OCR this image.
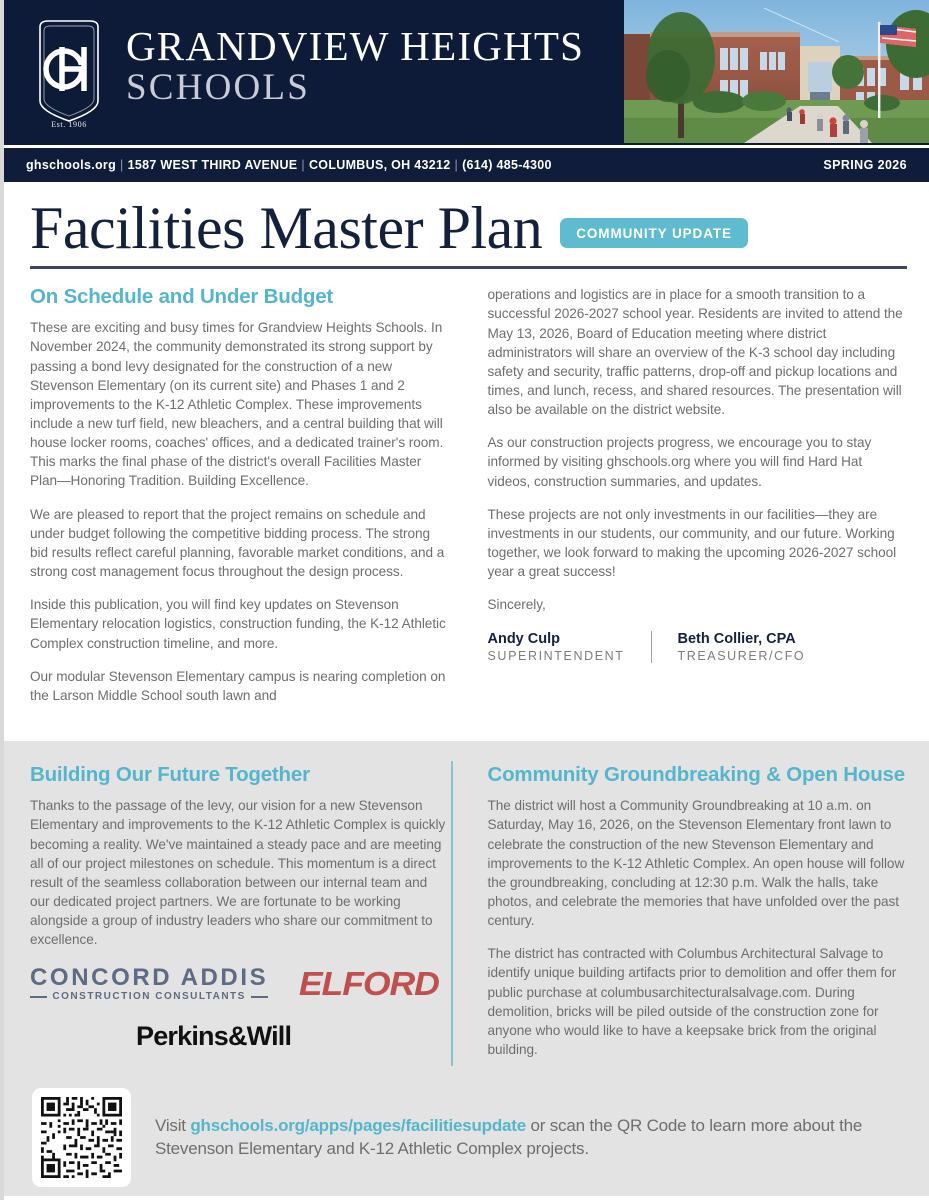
Est. 1906
GRANDVIEW HEIGHTS
SCHOOLS
ghschools.org | 1587 WEST THIRD AVENUE | COLUMBUS, OH 43212 | (614) 485-4300	SPRING 2026
Facilities Master Plan	COMMUNITY UPDATE
On Schedule and Under Budget

These are exciting and busy times for Grandview Heights Schools. In November 2024, the community demonstrated its strong support by passing a bond levy designated for the construction of a new Stevenson Elementary (on its current site) and Phases 1 and 2 improvements to the K-12 Athletic Complex. These improvements include a new turf field, new bleachers, and a central building that will house locker rooms, coaches' offices, and a dedicated trainer's room. This marks the final phase of the district's overall Facilities Master Plan—Honoring Tradition. Building Excellence.

We are pleased to report that the project remains on schedule and under budget following the competitive bidding process. The strong bid results reflect careful planning, favorable market conditions, and a strong cost management focus throughout the design process.

Inside this publication, you will find key updates on Stevenson Elementary relocation logistics, construction funding, the K-12 Athletic Complex construction timeline, and more.

Our modular Stevenson Elementary campus is nearing completion on the Larson Middle School south lawn and

operations and logistics are in place for a smooth transition to a successful 2026-2027 school year. Residents are invited to attend the May 13, 2026, Board of Education meeting where district administrators will share an overview of the K-3 school day including safety and security, traffic patterns, drop-off and pickup locations and times, and lunch, recess, and shared resources. The presentation will also be available on the district website.

As our construction projects progress, we encourage you to stay informed by visiting ghschools.org where you will find Hard Hat videos, construction summaries, and updates.

These projects are not only investments in our facilities—they are investments in our students, our community, and our future. Working together, we look forward to making the upcoming 2026-2027 school year a great success!

Sincerely,

Andy Culp
SUPERINTENDENT
Beth Collier, CPA
TREASURER/CFO
Building Our Future Together

Thanks to the passage of the levy, our vision for a new Stevenson Elementary and improvements to the K-12 Athletic Complex is quickly becoming a reality. We've maintained a steady pace and are meeting all of our project milestones on schedule. This momentum is a direct result of the seamless collaboration between our internal team and our dedicated project partners. We are fortunate to be working alongside a group of industry leaders who share our commitment to excellence.

CONCORD ADDIS
CONSTRUCTION CONSULTANTS ELFORD
Perkins&Will
Community Groundbreaking & Open House

The district will host a Community Groundbreaking at 10 a.m. on Saturday, May 16, 2026, on the Stevenson Elementary front lawn to celebrate the construction of the new Stevenson Elementary and improvements to the K-12 Athletic Complex. An open house will follow the groundbreaking, concluding at 12:30 p.m. Walk the halls, take photos, and celebrate the memories that have unfolded over the past century.

The district has contracted with Columbus Architectural Salvage to identify unique building artifacts prior to demolition and offer them for public purchase at columbusarchitecturalsalvage.com. During demolition, bricks will be piled outside of the construction zone for anyone who would like to have a keepsake brick from the original building.

Visit ghschools.org/apps/pages/facilitiesupdate or scan the QR Code to learn more about the Stevenson Elementary and K-12 Athletic Complex projects.
